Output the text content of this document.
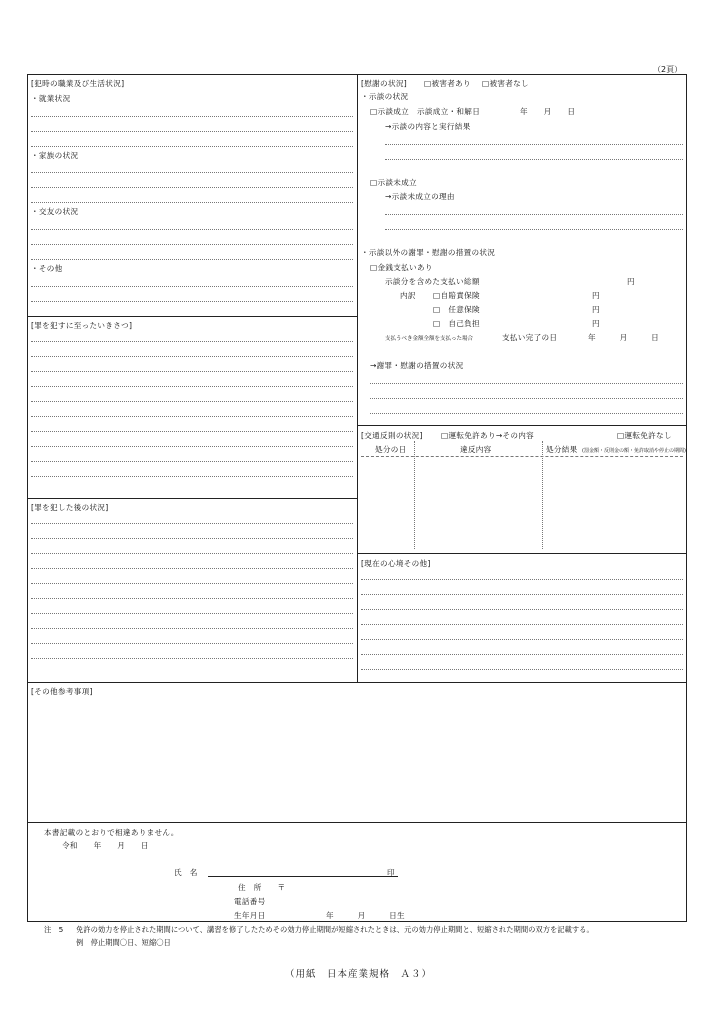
（2頁）
[犯時の職業及び生活状況]
・就業状況
・家族の状況
・交友の状況
・その他
[罪を犯すに至ったいきさつ]
[罪を犯した後の状況]
[慰謝の状況] □被害者あり □被害者なし
・示談の状況
□示談成立　示談成立・和解日	年　　月　　日
→示談の内容と実行結果
□示談未成立
→示談未成立の理由
・示談以外の謝罪・慰謝の措置の状況
□金銭支払いあり
示談分を含めた支払い総額	円
内訳 □自賠責保険	円
□　任意保険	円
□　自己負担	円
支払うべき金額全額を支払った場合	支払い完了の日	年　　　月　　　日
→謝罪・慰謝の措置の状況
[交通反則の状況] □運転免許あり→その内容	□運転免許なし
処分の日	違反内容	処分結果 (罰金額・反則金の額・免許取消や停止の期間)
[現在の心境その他]
[その他参考事項]
本書記載のとおりで相違ありません。
令和　　年　　月　　日
氏　名	印
住　所　　〒
電話番号
生年月日	年　　　月　　　日生
注　5 免許の効力を停止された期間について、講習を修了したためその効力停止期間が短縮されたときは、元の効力停止期間と、短縮された期間の双方を記載する。
例　停止期間〇日、短縮〇日
（用紙　日本産業規格　Ａ３）
